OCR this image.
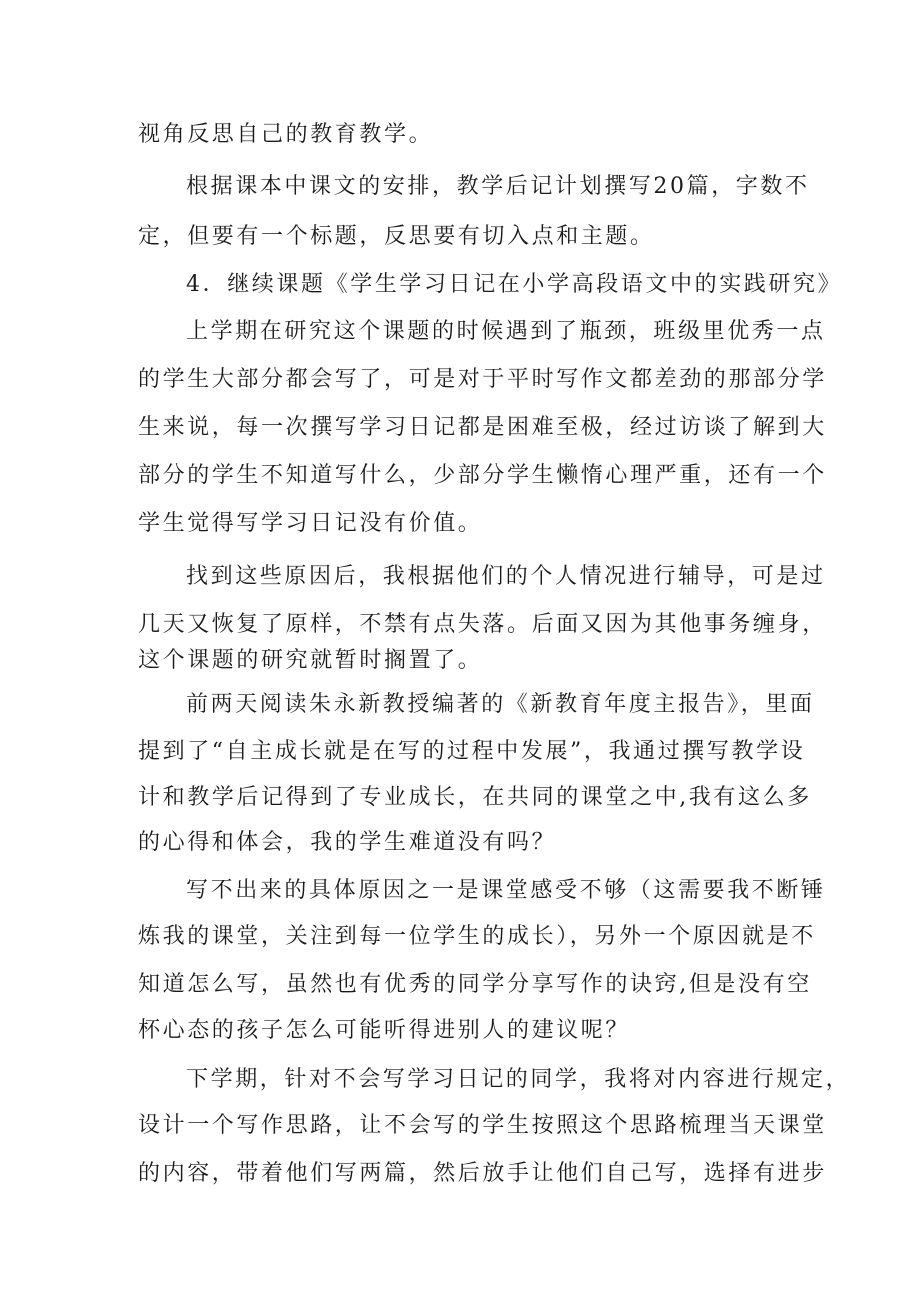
视角反思自己的教育教学。
根据课本中课文的安排，教学后记计划撰写20篇，字数不
定，但要有一个标题，反思要有切入点和主题。
4．继续课题《学生学习日记在小学高段语文中的实践研究》
上学期在研究这个课题的时候遇到了瓶颈，班级里优秀一点
的学生大部分都会写了，可是对于平时写作文都差劲的那部分学
生来说，每一次撰写学习日记都是困难至极，经过访谈了解到大
部分的学生不知道写什么，少部分学生懒惰心理严重，还有一个
学生觉得写学习日记没有价值。
找到这些原因后，我根据他们的个人情况进行辅导，可是过
几天又恢复了原样，不禁有点失落。后面又因为其他事务缠身，
这个课题的研究就暂时搁置了。
前两天阅读朱永新教授编著的《新教育年度主报告》，里面
提到了“自主成长就是在写的过程中发展”，我通过撰写教学设
计和教学后记得到了专业成长，在共同的课堂之中,我有这么多
的心得和体会，我的学生难道没有吗？
写不出来的具体原因之一是课堂感受不够（这需要我不断锤
炼我的课堂，关注到每一位学生的成长），另外一个原因就是不
知道怎么写，虽然也有优秀的同学分享写作的诀窍,但是没有空
杯心态的孩子怎么可能听得进别人的建议呢？
下学期，针对不会写学习日记的同学，我将对内容进行规定，
设计一个写作思路，让不会写的学生按照这个思路梳理当天课堂
的内容，带着他们写两篇，然后放手让他们自己写，选择有进步
